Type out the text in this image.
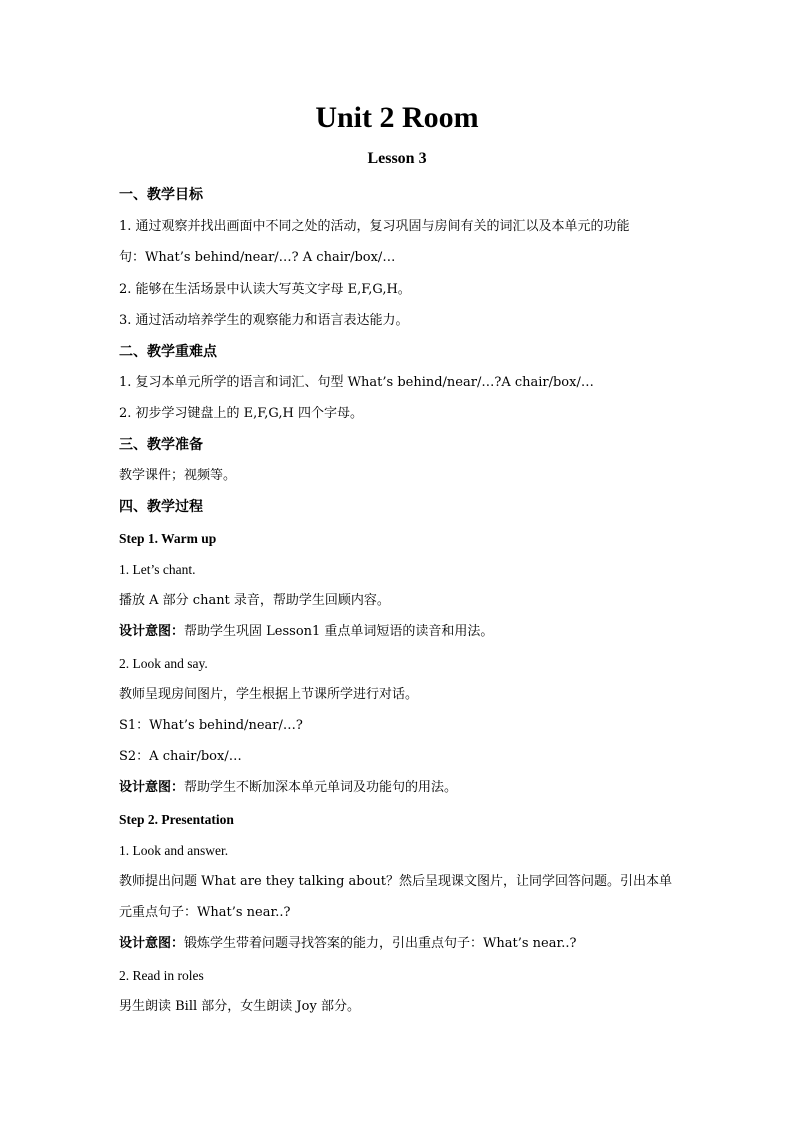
Unit 2 Room
Lesson 3
一、教学目标
1. 通过观察并找出画面中不同之处的活动，复习巩固与房间有关的词汇以及本单元的功能
句：What’s behind/near/…? A chair/box/…
2. 能够在生活场景中认读大写英文字母 E,F,G,H。
3. 通过活动培养学生的观察能力和语言表达能力。
二、教学重难点
1. 复习本单元所学的语言和词汇、句型 What’s behind/near/…?A chair/box/…
2. 初步学习键盘上的 E,F,G,H 四个字母。
三、教学准备
教学课件；视频等。
四、教学过程
Step 1. Warm up
1. Let’s chant.
播放 A 部分 chant 录音，帮助学生回顾内容。
设计意图：帮助学生巩固 Lesson1 重点单词短语的读音和用法。
2. Look and say.
教师呈现房间图片，学生根据上节课所学进行对话。
S1：What’s behind/near/…?
S2：A chair/box/…
设计意图：帮助学生不断加深本单元单词及功能句的用法。
Step 2. Presentation
1. Look and answer.
教师提出问题 What are they talking about？然后呈现课文图片，让同学回答问题。引出本单
元重点句子：What’s near..?
设计意图：锻炼学生带着问题寻找答案的能力，引出重点句子：What’s near..?
2. Read in roles
男生朗读 Bill 部分，女生朗读 Joy 部分。
